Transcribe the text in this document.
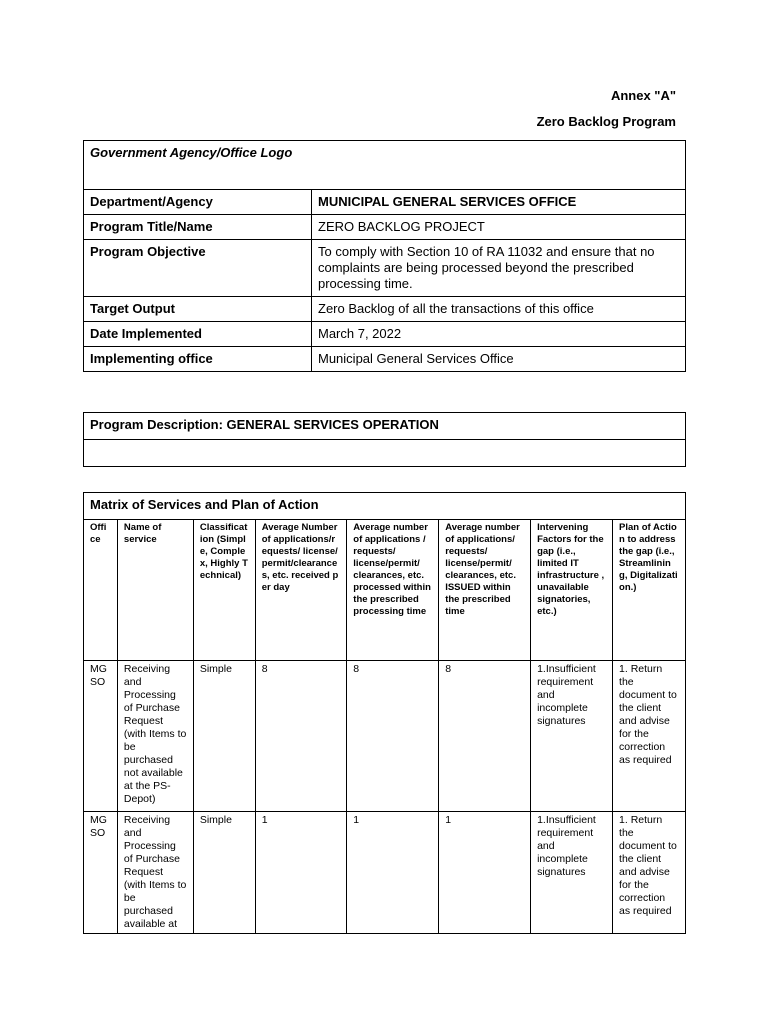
Annex "A"
Zero Backlog Program
Government Agency/Office Logo	
Department/Agency	MUNICIPAL GENERAL SERVICES OFFICE
Program Title/Name	ZERO BACKLOG PROJECT
Program Objective	To comply with Section 10 of RA 11032 and ensure that no complaints are being processed beyond the prescribed processing time.
Target Output	Zero Backlog of all the transactions of this office
Date Implemented	March 7, 2022
Implementing office	Municipal General Services Office
Program Description: GENERAL SERVICES OPERATION

Matrix of Services and Plan of Action							
Office	Name of service	Classification (Simple, Complex, Highly Technical)	Average Number of applications/requests/ license/permit/clearances, etc. received per day	Average number of applications / requests/ license/permit/ clearances, etc. processed within the prescribed processing time	Average number of applications/ requests/ license/permit/ clearances, etc. ISSUED within the prescribed time	Intervening Factors for the gap (i.e., limited IT infrastructure , unavailable signatories, etc.)	Plan of Action to address the gap (i.e., Streamlining, Digitalization.)
MGSO	Receiving and Processing of Purchase Request (with Items to be purchased not available at the PS-Depot)	Simple	8	8	8	1.Insufficient requirement and incomplete signatures	1. Return the document to the client and advise for the correction as required
MGSO	Receiving and Processing of Purchase Request (with Items to be purchased available at	Simple	1	1	1	1.Insufficient requirement and incomplete signatures	1. Return the document to the client and advise for the correction as required
